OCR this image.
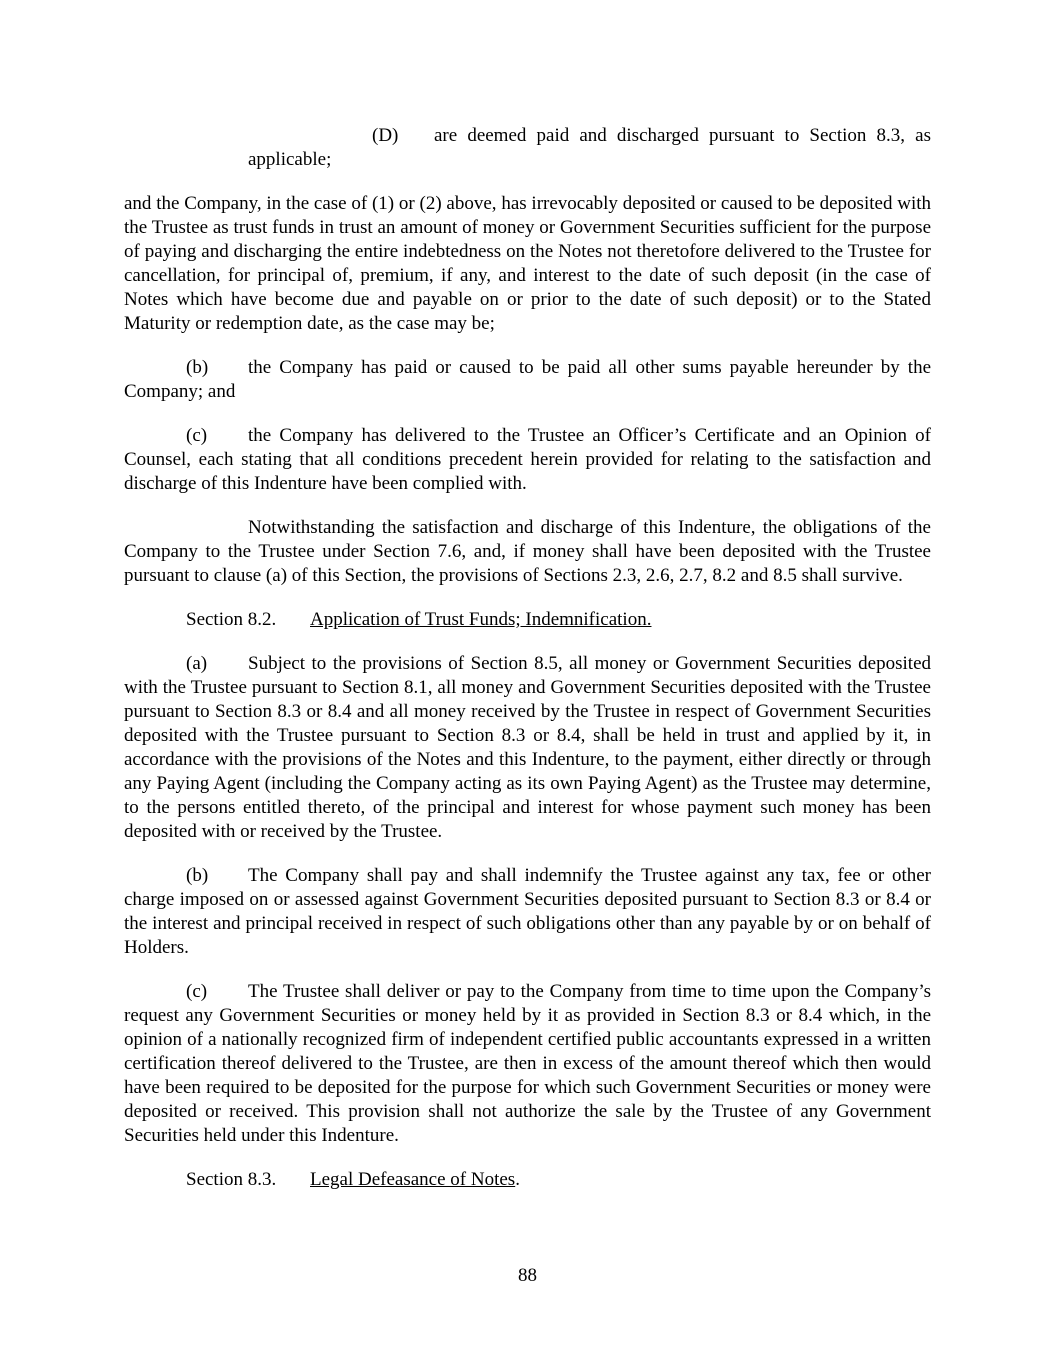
(D) are deemed paid and discharged pursuant to Section 8.3, as
applicable;

and the Company, in the case of (1) or (2) above, has irrevocably deposited or caused to be deposited with the Trustee as trust funds in trust an amount of money or Government Securities sufficient for the purpose of paying and discharging the entire indebtedness on the Notes not theretofore delivered to the Trustee for cancellation, for principal of, premium, if any, and interest to the date of such deposit (in the case of Notes which have become due and payable on or prior to the date of such deposit) or to the Stated Maturity or redemption date, as the case may be;

(b) the Company has paid or caused to be paid all other sums payable hereunder by the Company; and

(c) the Company has delivered to the Trustee an Officer’s Certificate and an Opinion of Counsel, each stating that all conditions precedent herein provided for relating to the satisfaction and discharge of this Indenture have been complied with.

Notwithstanding the satisfaction and discharge of this Indenture, the obligations of the Company to the Trustee under Section 7.6, and, if money shall have been deposited with the Trustee pursuant to clause (a) of this Section, the provisions of Sections 2.3, 2.6, 2.7, 8.2 and 8.5 shall survive.

Section 8.2. Application of Trust Funds; Indemnification.

(a) Subject to the provisions of Section 8.5, all money or Government Securities deposited with the Trustee pursuant to Section 8.1, all money and Government Securities deposited with the Trustee pursuant to Section 8.3 or 8.4 and all money received by the Trustee in respect of Government Securities deposited with the Trustee pursuant to Section 8.3 or 8.4, shall be held in trust and applied by it, in accordance with the provisions of the Notes and this Indenture, to the payment, either directly or through any Paying Agent (including the Company acting as its own Paying Agent) as the Trustee may determine, to the persons entitled thereto, of the principal and interest for whose payment such money has been deposited with or received by the Trustee.

(b) The Company shall pay and shall indemnify the Trustee against any tax, fee or other charge imposed on or assessed against Government Securities deposited pursuant to Section 8.3 or 8.4 or the interest and principal received in respect of such obligations other than any payable by or on behalf of Holders.

(c) The Trustee shall deliver or pay to the Company from time to time upon the Company’s request any Government Securities or money held by it as provided in Section 8.3 or 8.4 which, in the opinion of a nationally recognized firm of independent certified public accountants expressed in a written certification thereof delivered to the Trustee, are then in excess of the amount thereof which then would have been required to be deposited for the purpose for which such Government Securities or money were deposited or received. This provision shall not authorize the sale by the Trustee of any Government Securities held under this Indenture.

Section 8.3. Legal Defeasance of Notes.
88
